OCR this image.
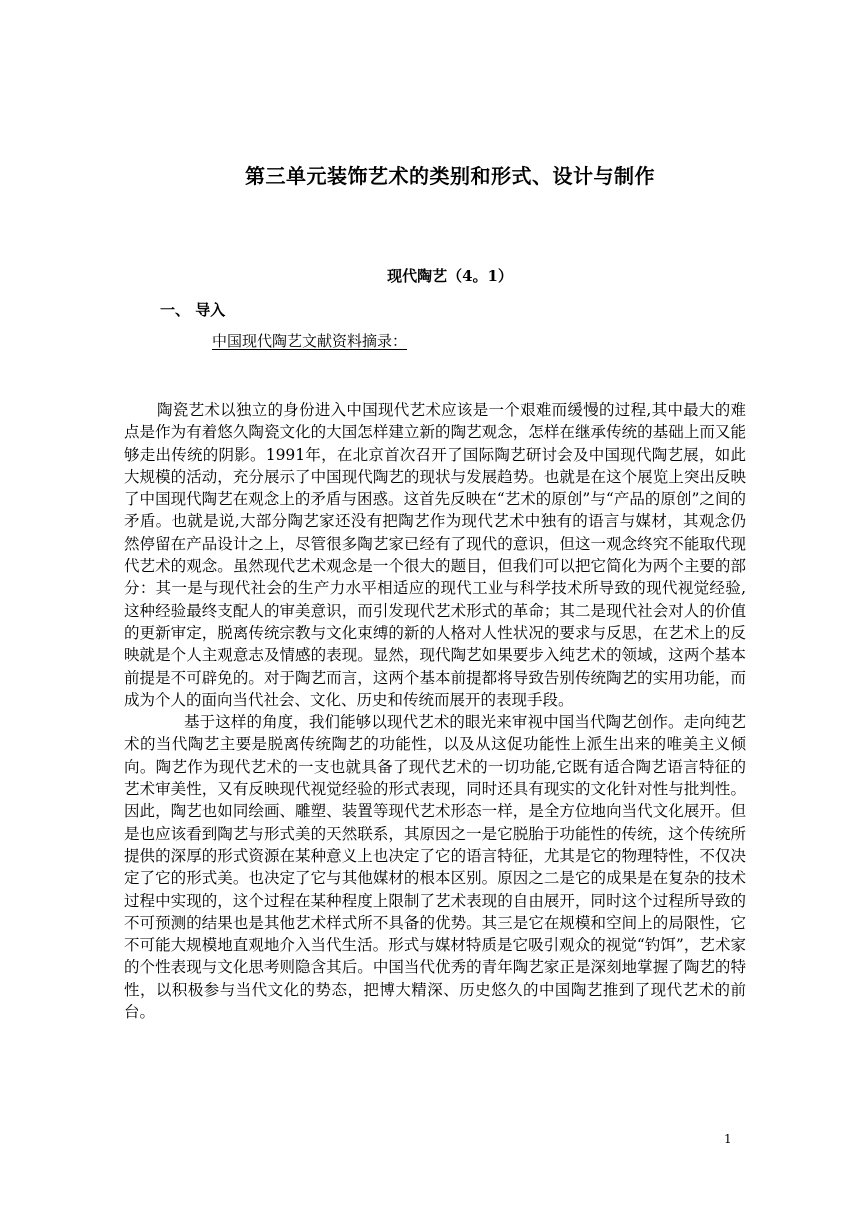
第三单元装饰艺术的类别和形式、设计与制作
现代陶艺（4。1）
一、 导入
中国现代陶艺文献资料摘录：

陶瓷艺术以独立的身份进入中国现代艺术应该是一个艰难而缓慢的过程,其中最大的难点是作为有着悠久陶瓷文化的大国怎样建立新的陶艺观念，怎样在继承传统的基础上而又能够走出传统的阴影。1991年，在北京首次召开了国际陶艺研讨会及中国现代陶艺展，如此大规模的活动，充分展示了中国现代陶艺的现状与发展趋势。也就是在这个展览上突出反映了中国现代陶艺在观念上的矛盾与困惑。这首先反映在“艺术的原创”与“产品的原创”之间的矛盾。也就是说,大部分陶艺家还没有把陶艺作为现代艺术中独有的语言与媒材，其观念仍然停留在产品设计之上，尽管很多陶艺家已经有了现代的意识，但这一观念终究不能取代现代艺术的观念。虽然现代艺术观念是一个很大的题目，但我们可以把它简化为两个主要的部分：其一是与现代社会的生产力水平相适应的现代工业与科学技术所导致的现代视觉经验,这种经验最终支配人的审美意识，而引发现代艺术形式的革命；其二是现代社会对人的价值的更新审定，脱离传统宗教与文化束缚的新的人格对人性状况的要求与反思，在艺术上的反映就是个人主观意志及情感的表现。显然，现代陶艺如果要步入纯艺术的领域，这两个基本前提是不可辟免的。对于陶艺而言，这两个基本前提都将导致告别传统陶艺的实用功能，而成为个人的面向当代社会、文化、历史和传统而展开的表现手段。

基于这样的角度，我们能够以现代艺术的眼光来审视中国当代陶艺创作。走向纯艺术的当代陶艺主要是脱离传统陶艺的功能性，以及从这促功能性上派生出来的唯美主义倾向。陶艺作为现代艺术的一支也就具备了现代艺术的一切功能,它既有适合陶艺语言特征的艺术审美性，又有反映现代视觉经验的形式表现，同时还具有现实的文化针对性与批判性。因此，陶艺也如同绘画、雕塑、装置等现代艺术形态一样，是全方位地向当代文化展开。但是也应该看到陶艺与形式美的天然联系，其原因之一是它脱胎于功能性的传统，这个传统所提供的深厚的形式资源在某种意义上也决定了它的语言特征，尤其是它的物理特性，不仅决定了它的形式美。也决定了它与其他媒材的根本区别。原因之二是它的成果是在复杂的技术过程中实现的，这个过程在某种程度上限制了艺术表现的自由展开，同时这个过程所导致的不可预测的结果也是其他艺术样式所不具备的优势。其三是它在规模和空间上的局限性，它不可能大规模地直观地介入当代生活。形式与媒材特质是它吸引观众的视觉“钓饵”，艺术家的个性表现与文化思考则隐含其后。中国当代优秀的青年陶艺家正是深刻地掌握了陶艺的特性，以积极参与当代文化的势态，把博大精深、历史悠久的中国陶艺推到了现代艺术的前台。

1
